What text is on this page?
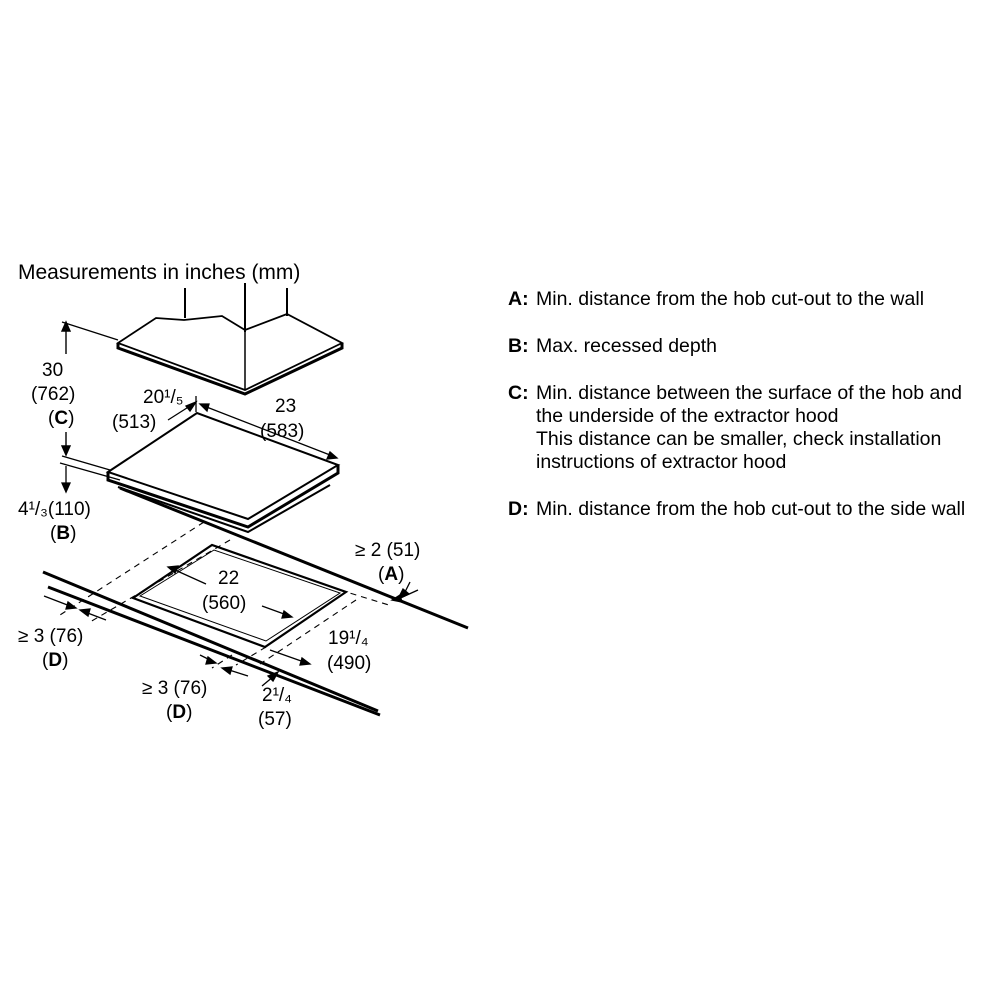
Measurements in inches (mm)
30
(762)
(C)
20¹/₅
(513)
23
(583)
4¹/₃(110)
(B)
≥ 2 (51)
(A)
22
(560)
≥ 3 (76)
(D)
19¹/₄
(490)
≥ 3 (76)
(D)
2¹/₄
(57)
A: Min. distance from the hob cut-out to the wall
B: Max. recessed depth
C: Min. distance between the surface of the hob and the underside of the extractor hood
This distance can be smaller, check installation instructions of extractor hood
D: Min. distance from the hob cut-out to the side wall
